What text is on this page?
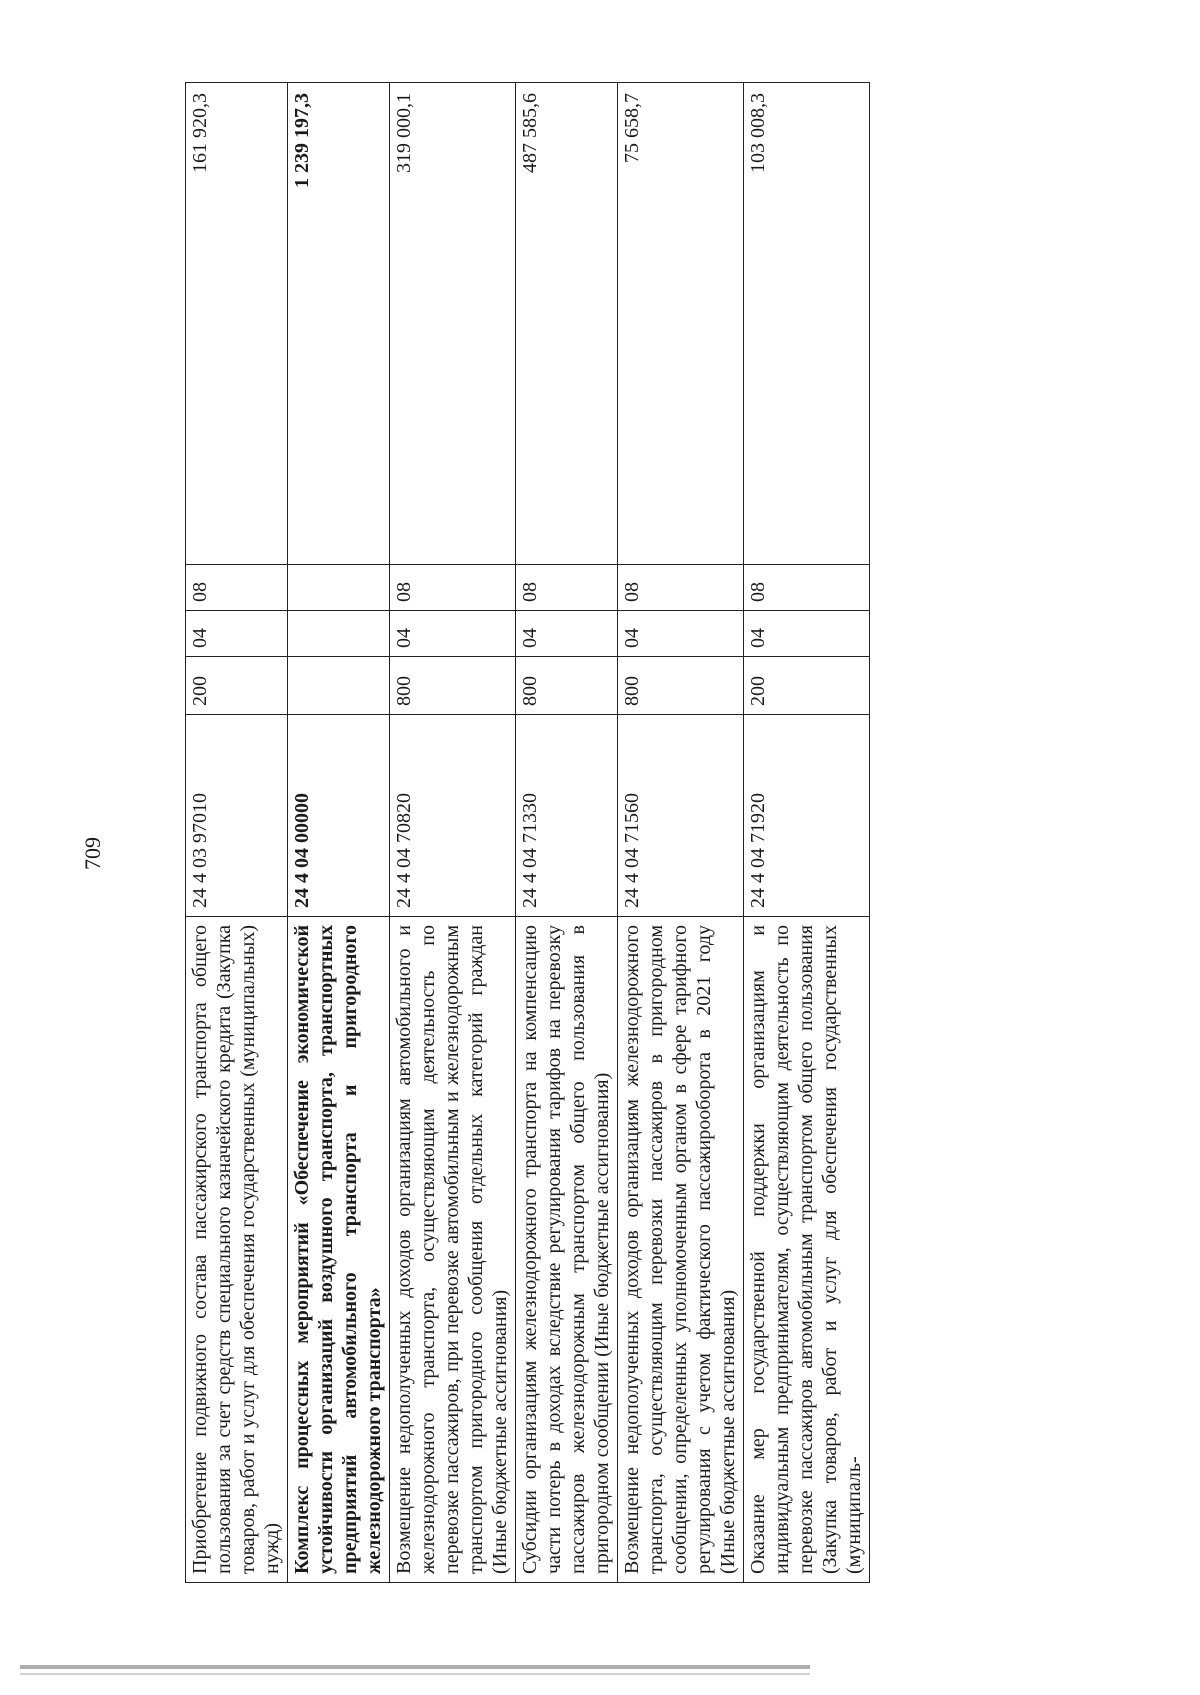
709
Приобретение подвижного состава пассажирского транспорта общего пользования за счет средств специального казначейского кредита (Закупка товаров, работ и услуг для обеспечения государственных (муниципальных) нужд)	24 4 03 97010	200	04	08	161 920,3
Комплекс процессных мероприятий «Обеспечение экономической устойчивости организаций воздушного транспорта, транспортных предприятий автомобильного транспорта и пригородного железнодорожного транспорта»	24 4 04 00000				1 239 197,3
Возмещение недополученных доходов организациям автомобильного и железнодорожного транспорта, осуществляющим деятельность по перевозке пассажиров, при перевозке автомобильным и железнодорожным транспортом пригородного сообщения отдельных категорий граждан (Иные бюджетные ассигнования)	24 4 04 70820	800	04	08	319 000,1
Субсидии организациям железнодорожного транспорта на компенсацию части потерь в доходах вследствие регулирования тарифов на перевозку пассажиров железнодорожным транспортом общего пользования в пригородном сообщении (Иные бюджетные ассигнования)	24 4 04 71330	800	04	08	487 585,6
Возмещение недополученных доходов организациям железнодорожного транспорта, осуществляющим перевозки пассажиров в пригородном сообщении, определенных уполномоченным органом в сфере тарифного регулирования с учетом фактического пассажирооборота в 2021 году (Иные бюджетные ассигнования)	24 4 04 71560	800	04	08	75 658,7
Оказание мер государственной поддержки организациям и индивидуальным предпринимателям, осуществляющим деятельность по перевозке пассажиров автомобильным транспортом общего пользования (Закупка товаров, работ и услуг для обеспечения государственных (муниципаль-	24 4 04 71920	200	04	08	103 008,3
